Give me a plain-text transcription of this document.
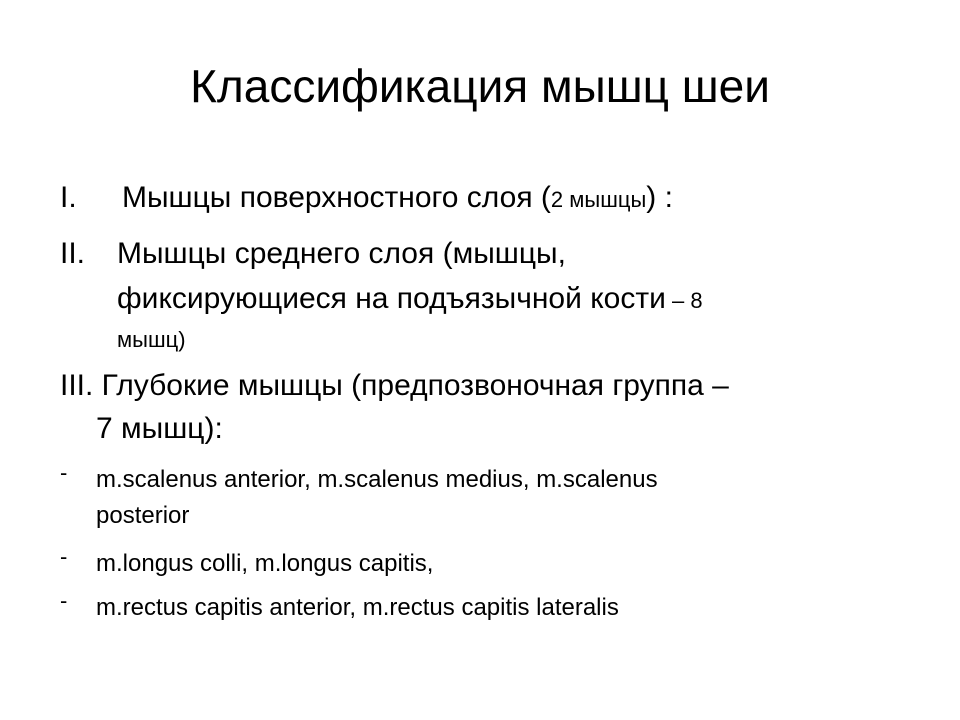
Классификация мышц шеи
I. Мышцы поверхностного слоя (2 мышцы) :
II. Мышцы среднего слоя (мышцы,
фиксирующиеся на подъязычной кости – 8
мышц)
III. Глубокие мышцы (предпозвоночная группа –
7 мышц):
- m.scalenus anterior, m.scalenus medius, m.scalenus
posterior
- m.longus colli, m.longus capitis,
- m.rectus capitis anterior, m.rectus capitis lateralis
